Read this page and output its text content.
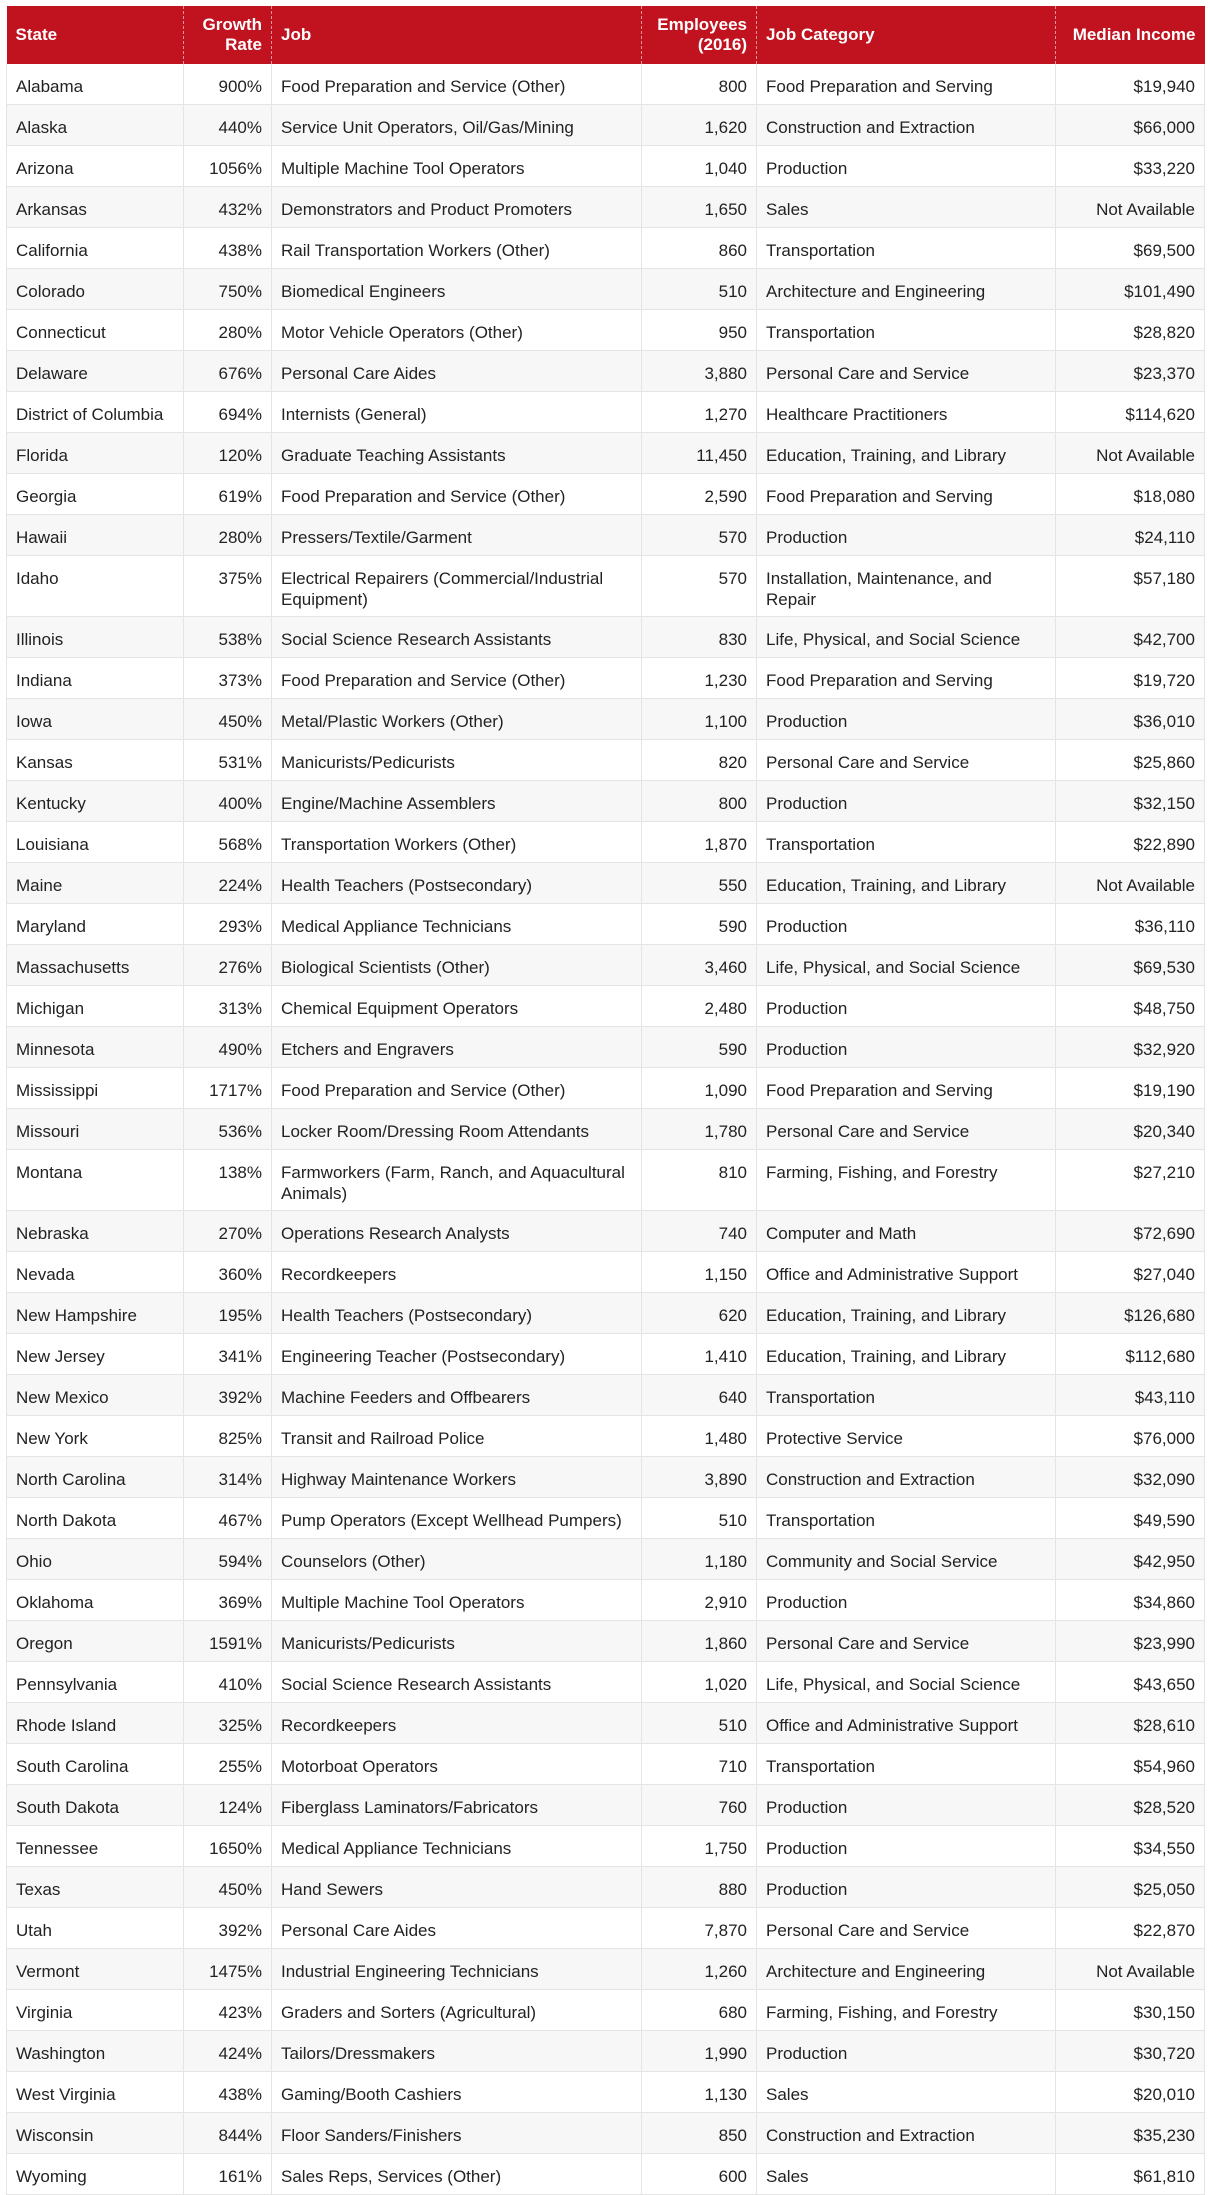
State	Growth Rate	Job	Employees (2016)	Job Category	Median Income
Alabama	900%	Food Preparation and Service (Other)	800	Food Preparation and Serving	$19,940
Alaska	440%	Service Unit Operators, Oil/Gas/Mining	1,620	Construction and Extraction	$66,000
Arizona	1056%	Multiple Machine Tool Operators	1,040	Production	$33,220
Arkansas	432%	Demonstrators and Product Promoters	1,650	Sales	Not Available
California	438%	Rail Transportation Workers (Other)	860	Transportation	$69,500
Colorado	750%	Biomedical Engineers	510	Architecture and Engineering	$101,490
Connecticut	280%	Motor Vehicle Operators (Other)	950	Transportation	$28,820
Delaware	676%	Personal Care Aides	3,880	Personal Care and Service	$23,370
District of Columbia	694%	Internists (General)	1,270	Healthcare Practitioners	$114,620
Florida	120%	Graduate Teaching Assistants	11,450	Education, Training, and Library	Not Available
Georgia	619%	Food Preparation and Service (Other)	2,590	Food Preparation and Serving	$18,080
Hawaii	280%	Pressers/Textile/Garment	570	Production	$24,110
Idaho	375%	Electrical Repairers (Commercial/Industrial Equipment)	570	Installation, Maintenance, and Repair	$57,180
Illinois	538%	Social Science Research Assistants	830	Life, Physical, and Social Science	$42,700
Indiana	373%	Food Preparation and Service (Other)	1,230	Food Preparation and Serving	$19,720
Iowa	450%	Metal/Plastic Workers (Other)	1,100	Production	$36,010
Kansas	531%	Manicurists/Pedicurists	820	Personal Care and Service	$25,860
Kentucky	400%	Engine/Machine Assemblers	800	Production	$32,150
Louisiana	568%	Transportation Workers (Other)	1,870	Transportation	$22,890
Maine	224%	Health Teachers (Postsecondary)	550	Education, Training, and Library	Not Available
Maryland	293%	Medical Appliance Technicians	590	Production	$36,110
Massachusetts	276%	Biological Scientists (Other)	3,460	Life, Physical, and Social Science	$69,530
Michigan	313%	Chemical Equipment Operators	2,480	Production	$48,750
Minnesota	490%	Etchers and Engravers	590	Production	$32,920
Mississippi	1717%	Food Preparation and Service (Other)	1,090	Food Preparation and Serving	$19,190
Missouri	536%	Locker Room/Dressing Room Attendants	1,780	Personal Care and Service	$20,340
Montana	138%	Farmworkers (Farm, Ranch, and Aquacultural Animals)	810	Farming, Fishing, and Forestry	$27,210
Nebraska	270%	Operations Research Analysts	740	Computer and Math	$72,690
Nevada	360%	Recordkeepers	1,150	Office and Administrative Support	$27,040
New Hampshire	195%	Health Teachers (Postsecondary)	620	Education, Training, and Library	$126,680
New Jersey	341%	Engineering Teacher (Postsecondary)	1,410	Education, Training, and Library	$112,680
New Mexico	392%	Machine Feeders and Offbearers	640	Transportation	$43,110
New York	825%	Transit and Railroad Police	1,480	Protective Service	$76,000
North Carolina	314%	Highway Maintenance Workers	3,890	Construction and Extraction	$32,090
North Dakota	467%	Pump Operators (Except Wellhead Pumpers)	510	Transportation	$49,590
Ohio	594%	Counselors (Other)	1,180	Community and Social Service	$42,950
Oklahoma	369%	Multiple Machine Tool Operators	2,910	Production	$34,860
Oregon	1591%	Manicurists/Pedicurists	1,860	Personal Care and Service	$23,990
Pennsylvania	410%	Social Science Research Assistants	1,020	Life, Physical, and Social Science	$43,650
Rhode Island	325%	Recordkeepers	510	Office and Administrative Support	$28,610
South Carolina	255%	Motorboat Operators	710	Transportation	$54,960
South Dakota	124%	Fiberglass Laminators/Fabricators	760	Production	$28,520
Tennessee	1650%	Medical Appliance Technicians	1,750	Production	$34,550
Texas	450%	Hand Sewers	880	Production	$25,050
Utah	392%	Personal Care Aides	7,870	Personal Care and Service	$22,870
Vermont	1475%	Industrial Engineering Technicians	1,260	Architecture and Engineering	Not Available
Virginia	423%	Graders and Sorters (Agricultural)	680	Farming, Fishing, and Forestry	$30,150
Washington	424%	Tailors/Dressmakers	1,990	Production	$30,720
West Virginia	438%	Gaming/Booth Cashiers	1,130	Sales	$20,010
Wisconsin	844%	Floor Sanders/Finishers	850	Construction and Extraction	$35,230
Wyoming	161%	Sales Reps, Services (Other)	600	Sales	$61,810
